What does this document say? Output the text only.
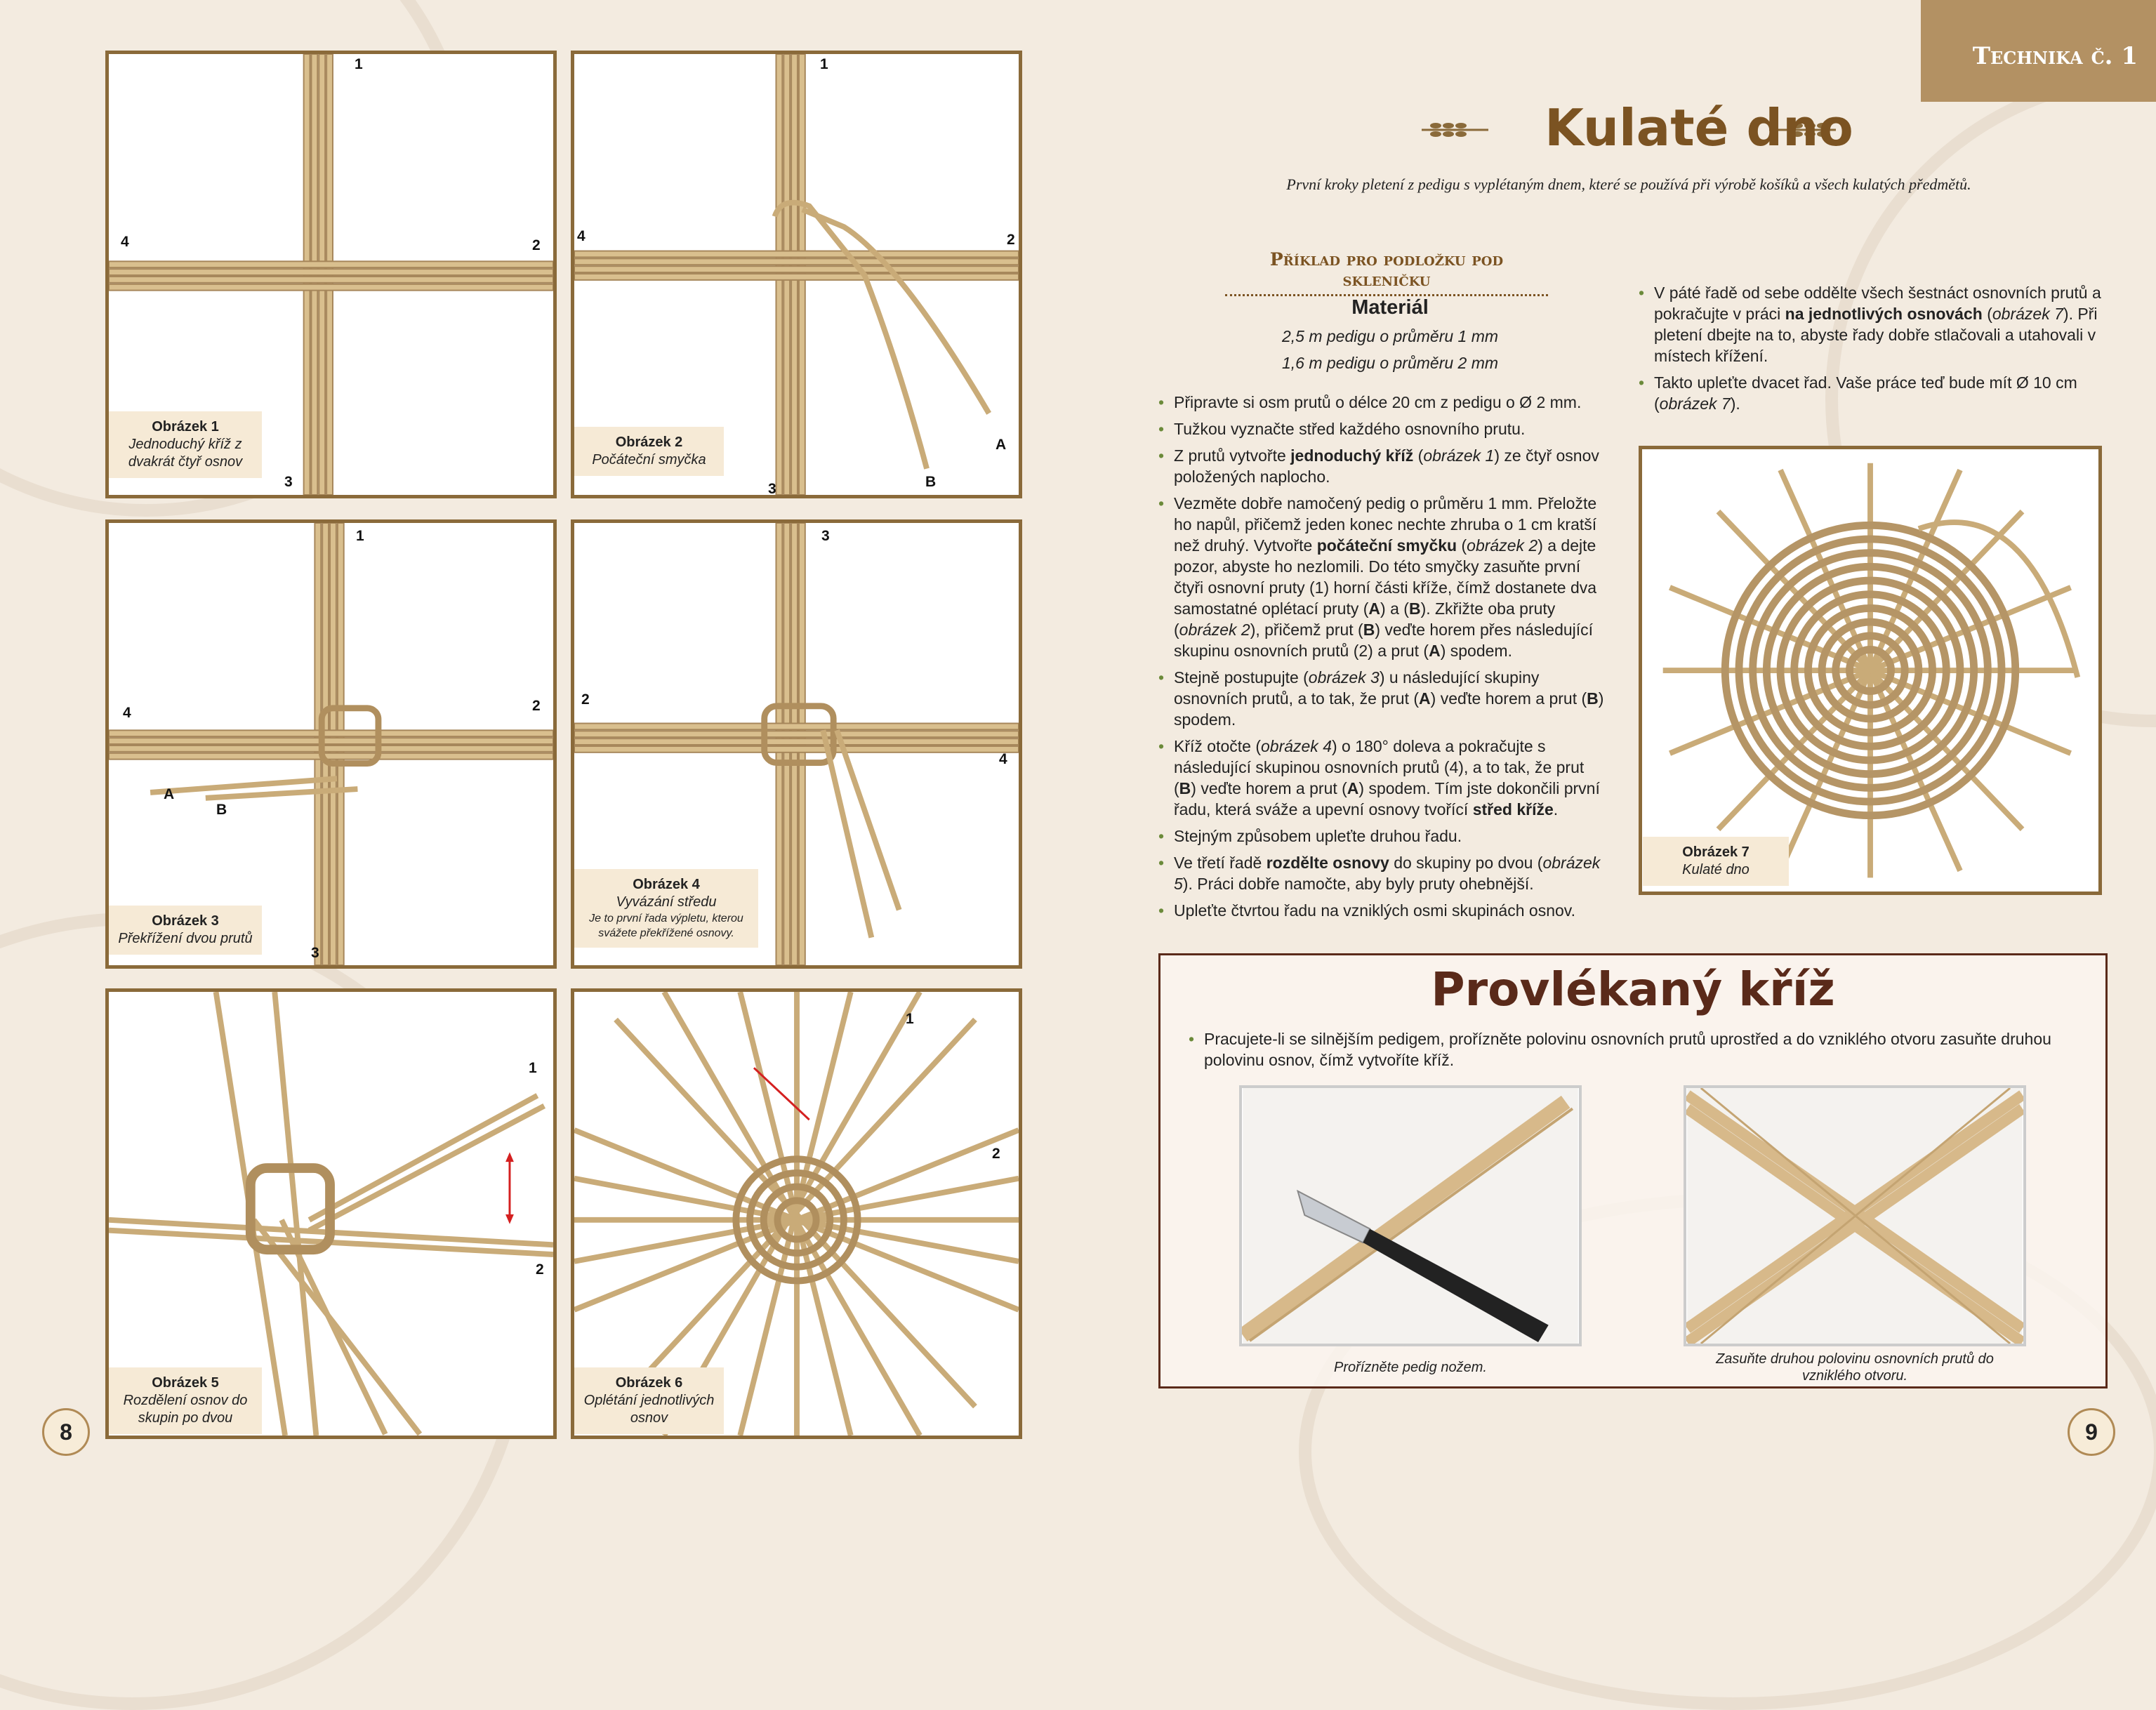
1
2
3
4
Obrázek 1
Jednoduchý kříž z dvakrát čtyř osnov
1
2
3
4
A
B
Obrázek 2
Počáteční smyčka
1
2
3
4
A
B
Obrázek 3
Překřížení dvou prutů
3
2
4
Obrázek 4
Vyvázání středu
Je to první řada výpletu, kterou svážete překřížené osnovy.
1
2
Obrázek 5
Rozdělení osnov do skupin po dvou
1
2
Obrázek 6
Oplétání jednotlivých osnov
8
Technika č. 1
Kulaté dno
První kroky pletení z pedigu s vyplétaným dnem, které se používá při výrobě košíků a všech kulatých předmětů.
Příklad pro podložku pod skleničku
Materiál
2,5 m pedigu o průměru 1 mm
1,6 m pedigu o průměru 2 mm
• Připravte si osm prutů o délce 20 cm z pedigu o Ø 2 mm.
• Tužkou vyznačte střed každého osnovního prutu.
• Z prutů vytvořte jednoduchý kříž (obrázek 1) ze čtyř osnov položených naplocho.
• Vezměte dobře namočený pedig o průměru 1 mm. Přeložte ho napůl, přičemž jeden konec nechte zhruba o 1 cm kratší než druhý. Vytvořte počáteční smyčku (obrázek 2) a dejte pozor, abyste ho nezlomili. Do této smyčky zasuňte první čtyři osnovní pruty (1) horní části kříže, čímž dostanete dva samostatné oplétací pruty (A) a (B). Zkřižte oba pruty (obrázek 2), přičemž prut (B) veďte horem přes následující skupinu osnovních prutů (2) a prut (A) spodem.
• Stejně postupujte (obrázek 3) u následující skupiny osnovních prutů, a to tak, že prut (A) veďte horem a prut (B) spodem.
• Kříž otočte (obrázek 4) o 180° doleva a pokračujte s následující skupinou osnovních prutů (4), a to tak, že prut (B) veďte horem a prut (A) spodem. Tím jste dokončili první řadu, která sváže a upevní osnovy tvořící střed kříže.
• Stejným způsobem upleťte druhou řadu.
• Ve třetí řadě rozdělte osnovy do skupiny po dvou (obrázek 5). Práci dobře namočte, aby byly pruty ohebnější.
• Upleťte čtvrtou řadu na vzniklých osmi skupinách osnov.
• V páté řadě od sebe oddělte všech šestnáct osnovních prutů a pokračujte v práci na jednotlivých osnovách (obrázek 7). Při pletení dbejte na to, abyste řady dobře stlačovali a utahovali v místech křížení.
• Takto upleťte dvacet řad. Vaše práce teď bude mít Ø 10 cm (obrázek 7).
Obrázek 7
Kulaté dno
Provlékaný kříž
• Pracujete-li se silnějším pedigem, prořízněte polovinu osnovních prutů uprostřed a do vzniklého otvoru zasuňte druhou polovinu osnov, čímž vytvoříte kříž.
Prořízněte pedig nožem.
Zasuňte druhou polovinu osnovních prutů do vzniklého otvoru.
9
